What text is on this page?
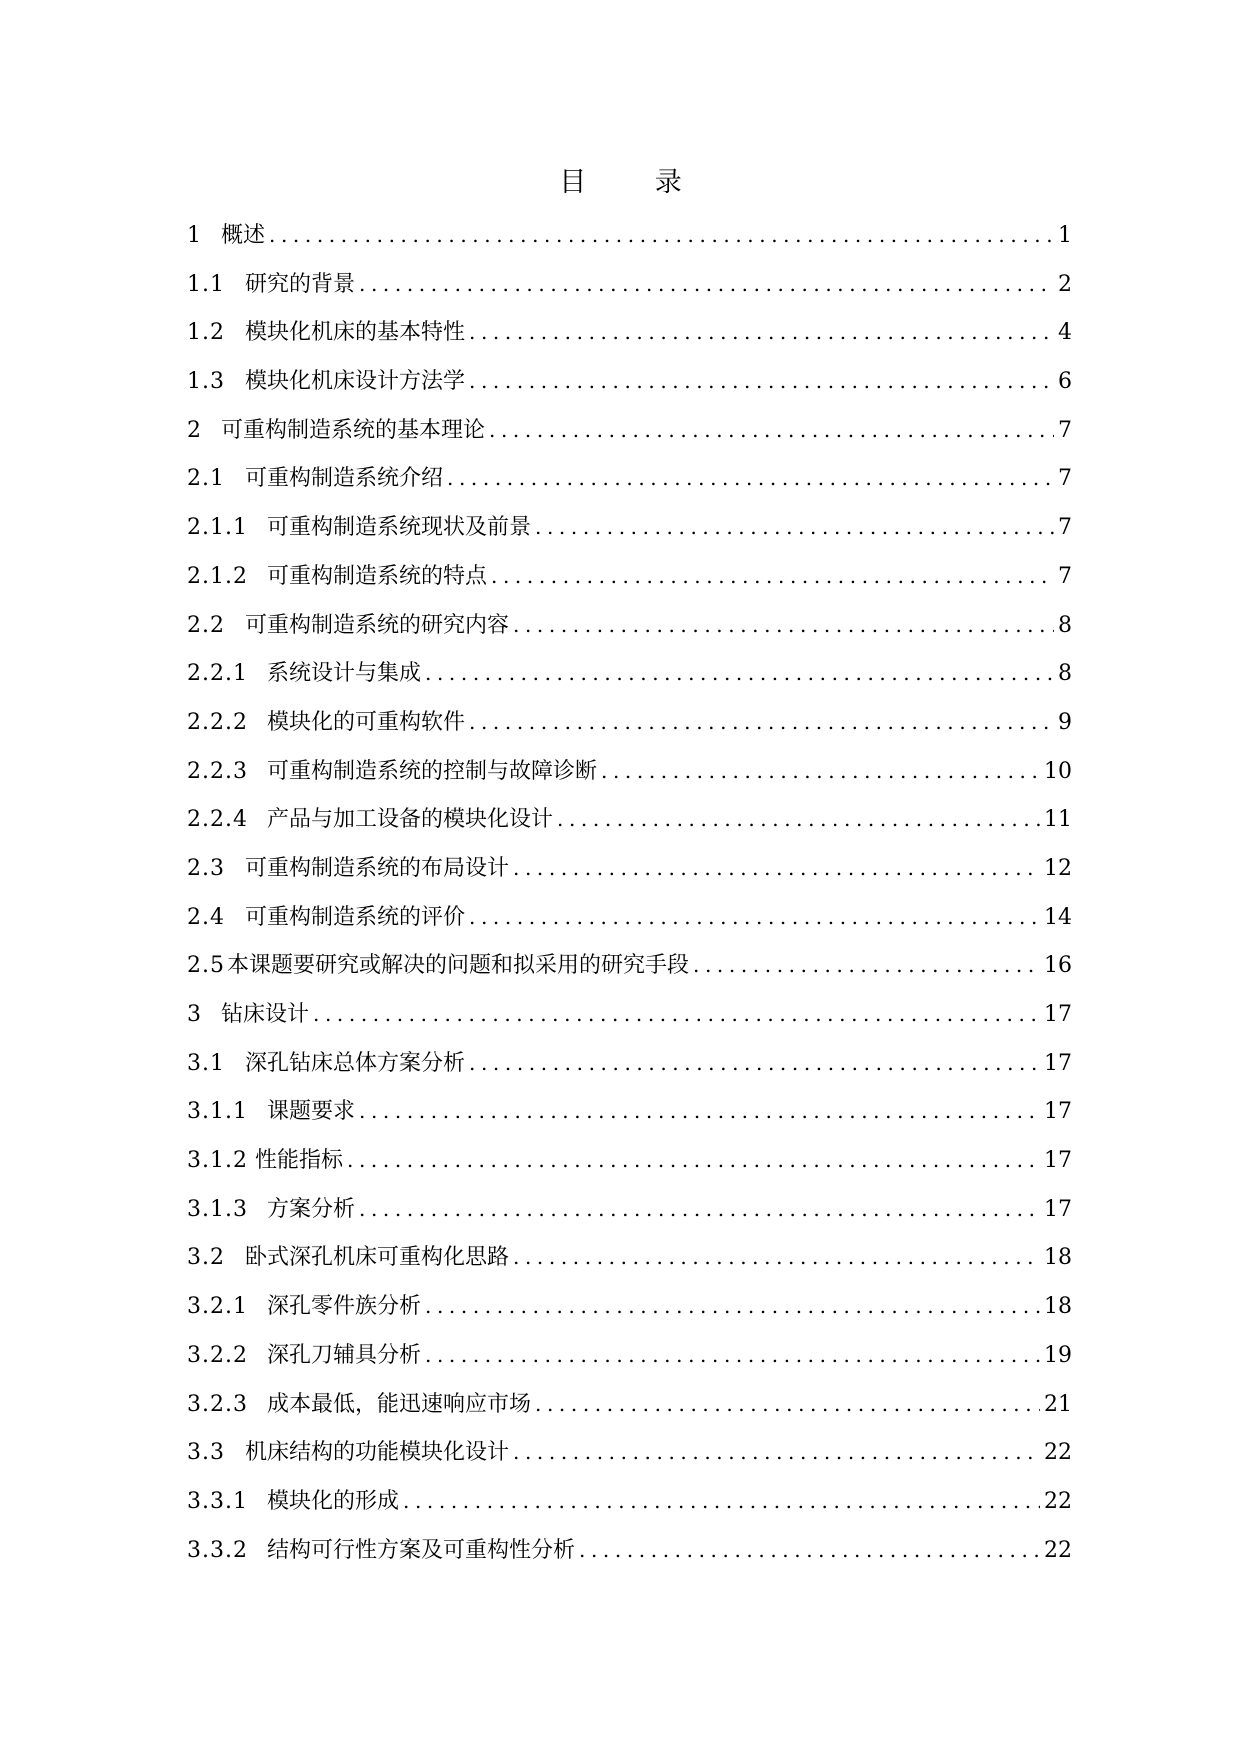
目 录
1 概述 .....	1
1.1 研究的背景 .....	2
1.2 模块化机床的基本特性 .....	4
1.3 模块化机床设计方法学 .....	6
2 可重构制造系统的基本理论 .....	7
2.1 可重构制造系统介绍 .....	7
2.1.1 可重构制造系统现状及前景 .....	7
2.1.2 可重构制造系统的特点 .....	7
2.2 可重构制造系统的研究内容 .....	8
2.2.1 系统设计与集成 .....	8
2.2.2 模块化的可重构软件 .....	9
2.2.3 可重构制造系统的控制与故障诊断 .....	10
2.2.4 产品与加工设备的模块化设计 .....	11
2.3 可重构制造系统的布局设计 .....	12
2.4 可重构制造系统的评价 .....	14
2.5 本课题要研究或解决的问题和拟采用的研究手段 .....	16
3 钻床设计 .....	17
3.1 深孔钻床总体方案分析 .....	17
3.1.1 课题要求 .....	17
3.1.2 性能指标 .....	17
3.1.3 方案分析 .....	17
3.2 卧式深孔机床可重构化思路 .....	18
3.2.1 深孔零件族分析 .....	18
3.2.2 深孔刀辅具分析 .....	19
3.2.3 成本最低，能迅速响应市场 .....	21
3.3 机床结构的功能模块化设计 .....	22
3.3.1 模块化的形成 .....	22
3.3.2 结构可行性方案及可重构性分析 .....	22
